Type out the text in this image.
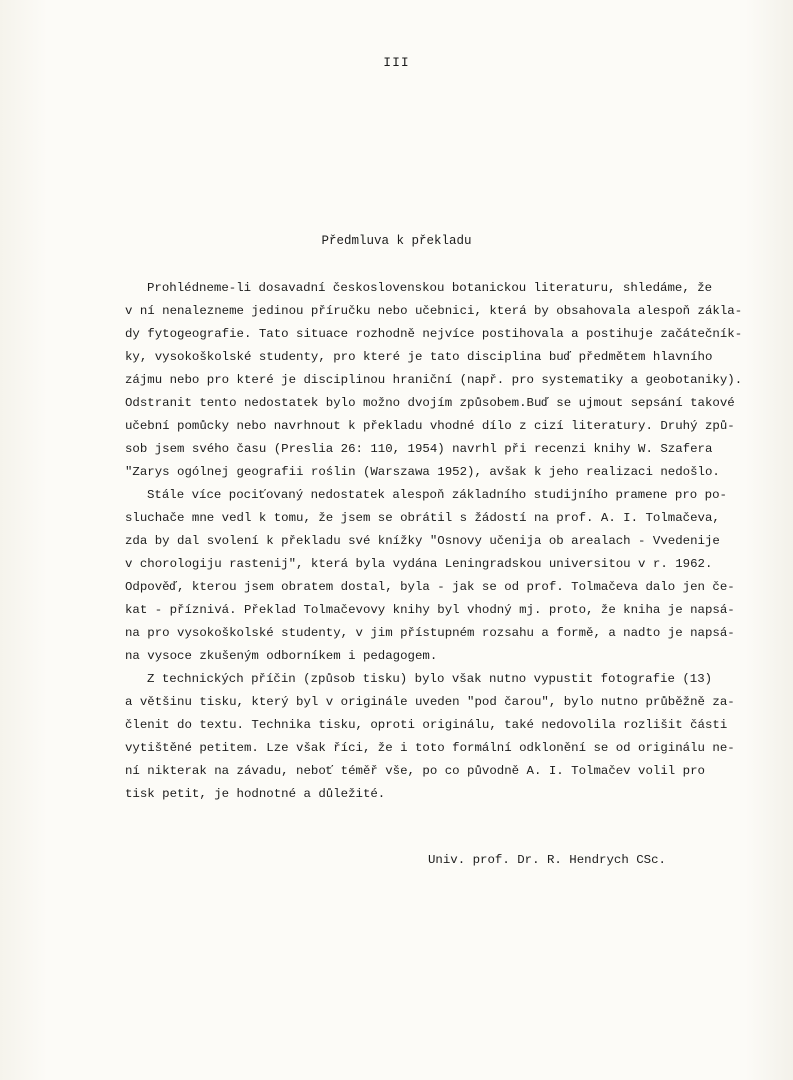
III
Předmluva k překladu
Prohlédneme-li dosavadní československou botanickou literaturu, shledáme, že
v ní nenalezneme jedinou příručku nebo učebnici, která by obsahovala alespoň zákla-
dy fytogeografie. Tato situace rozhodně nejvíce postihovala a postihuje začátečník-
ky, vysokoškolské studenty, pro které je tato disciplina buď předmětem hlavního
zájmu nebo pro které je disciplinou hraniční (např. pro systematiky a geobotaniky).
Odstranit tento nedostatek bylo možno dvojím způsobem.Buď se ujmout sepsání takové
učební pomůcky nebo navrhnout k překladu vhodné dílo z cizí literatury. Druhý způ-
sob jsem svého času (Preslia 26: 110, 1954) navrhl při recenzi knihy W. Szafera
"Zarys ogólnej geografii roślin (Warszawa 1952), avšak k jeho realizaci nedošlo.
Stále více pociťovaný nedostatek alespoň základního studijního pramene pro po-
sluchače mne vedl k tomu, že jsem se obrátil s žádostí na prof. A. I. Tolmačeva,
zda by dal svolení k překladu své knížky "Osnovy učenija ob arealach - Vvedenije
v chorologiju rastenij", která byla vydána Leningradskou universitou v r. 1962.
Odpověď, kterou jsem obratem dostal, byla - jak se od prof. Tolmačeva dalo jen če-
kat - příznivá. Překlad Tolmačevovy knihy byl vhodný mj. proto, že kniha je napsá-
na pro vysokoškolské studenty, v jim přístupném rozsahu a formě, a nadto je napsá-
na vysoce zkušeným odborníkem i pedagogem.
Z technických příčin (způsob tisku) bylo však nutno vypustit fotografie (13)
a většinu tisku, který byl v originále uveden "pod čarou", bylo nutno průběžně za-
členit do textu. Technika tisku, oproti originálu, také nedovolila rozlišit části
vytištěné petitem. Lze však říci, že i toto formální odklonění se od originálu ne-
ní nikterak na závadu, neboť téměř vše, po co původně A. I. Tolmačev volil pro
tisk petit, je hodnotné a důležité.
Univ. prof. Dr. R. Hendrych CSc.
